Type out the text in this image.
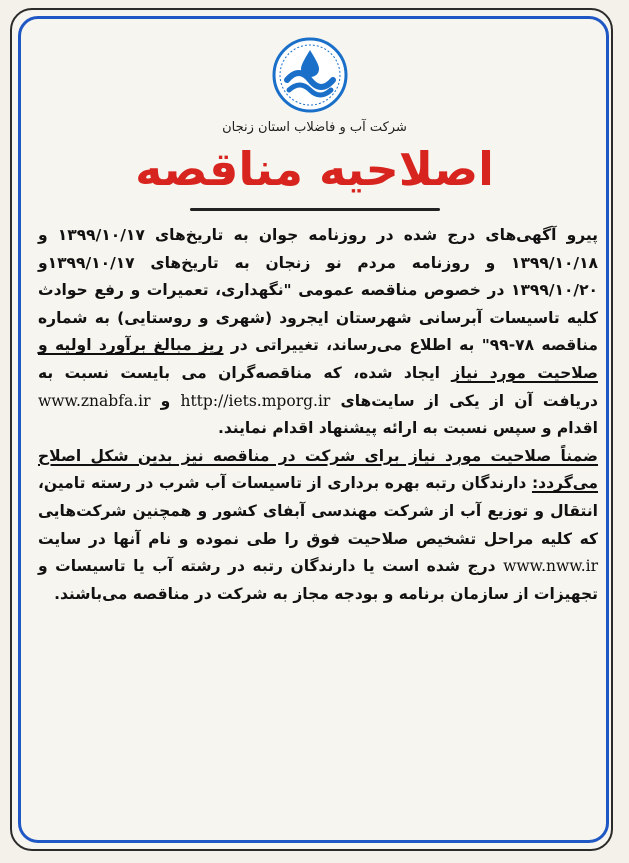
شرکت آب و فاضلاب استان زنجان
اصلاحیه مناقصه

پیرو آگهی‌های درج شده در روزنامه جوان به تاریخ‌های ۱۳۹۹/۱۰/۱۷ و ۱۳۹۹/۱۰/۱۸ و روزنامه مردم نو زنجان به تاریخ‌های ۱۳۹۹/۱۰/۱۷و ۱۳۹۹/۱۰/۲۰ در خصوص مناقصه عمومی "نگهداری، تعمیرات و رفع حوادث کلیه تاسیسات آبرسانی شهرستان ایجرود (شهری و روستایی) به شماره مناقصه ۷۸-۹۹" به اطلاع می‌رساند، تغییراتی در ریز مبالغ برآورد اولیه و صلاحیت مورد نیاز ایجاد شده، که مناقصه‌گران می بایست نسبت به دریافت آن از یکی از سایت‌های http://iets.mporg.ir و www.znabfa.ir اقدام و سپس نسبت به ارائه پیشنهاد اقدام نمایند.

ضمناً صلاحیت مورد نیاز برای شرکت در مناقصه نیز بدین شکل اصلاح می‌گردد: دارندگان رتبه بهره برداری از تاسیسات آب شرب در رسته تامین، انتقال و توزیع آب از شرکت مهندسی آبفای کشور و همچنین شرکت‌هایی که کلیه مراحل تشخیص صلاحیت فوق را طی نموده و نام آنها در سایت www.nww.ir درج شده است یا دارندگان رتبه در رشته آب یا تاسیسات و تجهیزات از سازمان برنامه و بودجه مجاز به شرکت در مناقصه می‌باشند.
